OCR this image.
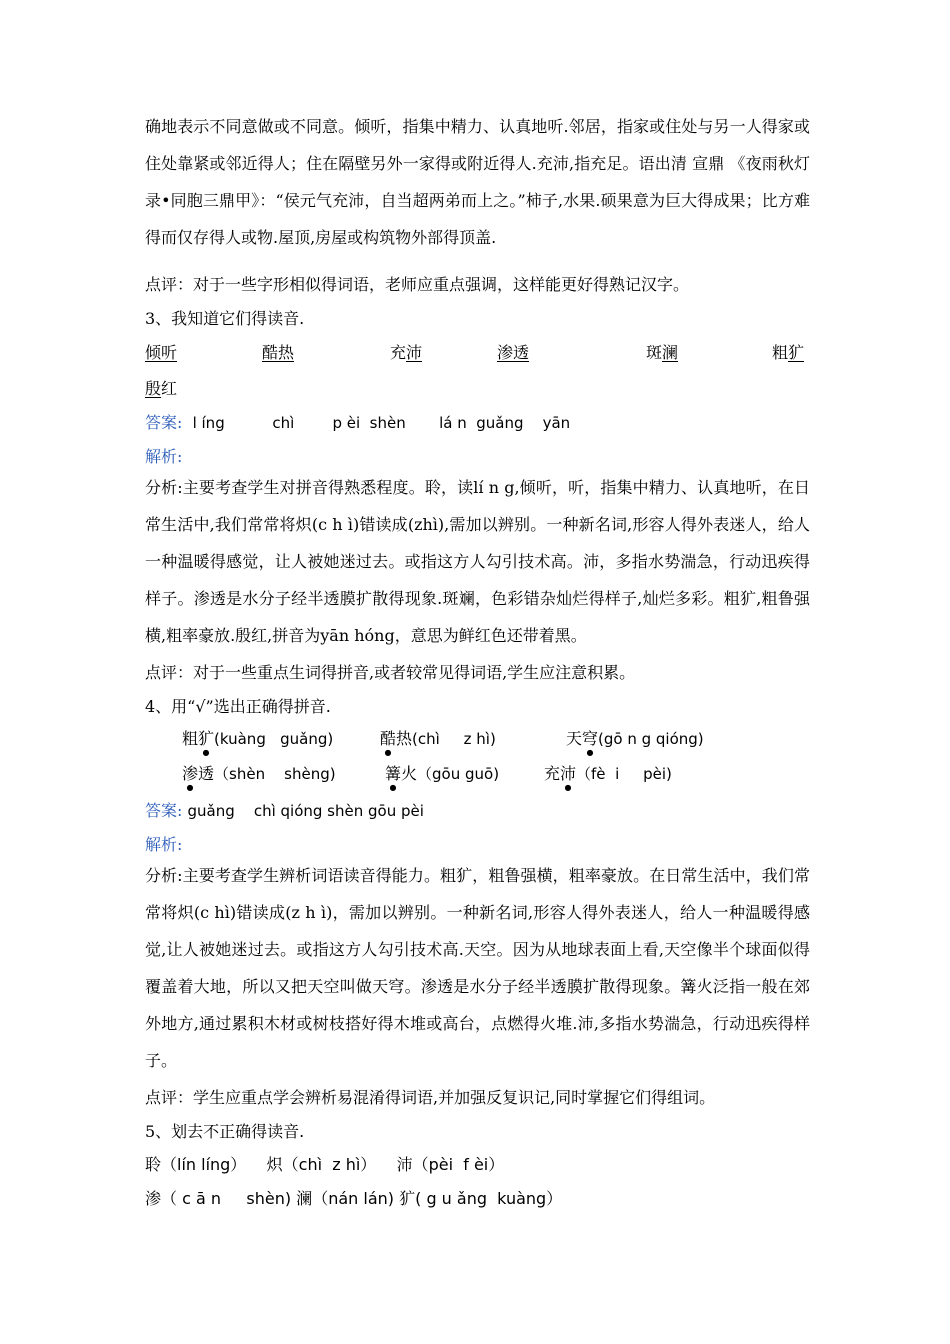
确地表示不同意做或不同意。倾听，指集中精力、认真地听.邻居，指家或住处与另一人得家或住处靠紧或邻近得人；住在隔壁另外一家得或附近得人.充沛,指充足。语出清 宣鼎 《夜雨秋灯录•同胞三鼎甲》：“侯元气充沛，自当超两弟而上之。”柿子,水果.硕果意为巨大得成果；比方难得而仅存得人或物.屋顶,房屋或构筑物外部得顶盖.

点评：对于一些字形相似得词语，老师应重点强调，这样能更好得熟记汉字。
3、我知道它们得读音.
倾听	酷热	充沛	渗透	斑澜	粗犷
殷红
答案: l íng          chì        p èi  shèn       lá n  guǎng    yān
解析:

分析:主要考查学生对拼音得熟悉程度。聆，读lí n g,倾听，听，指集中精力、认真地听，在日常生活中,我们常常将炽(c h ì)错读成(zhì),需加以辨别。一种新名词,形容人得外表迷人，给人一种温暖得感觉，让人被她迷过去。或指这方人勾引技术高。沛，多指水势湍急，行动迅疾得样子。渗透是水分子经半透膜扩散得现象.斑斓，色彩错杂灿烂得样子,灿烂多彩。粗犷,粗鲁强横,粗率豪放.殷红,拼音为yān hóng，意思为鲜红色还带着黑。

点评：对于一些重点生词得拼音,或者较常见得词语,学生应注意积累。
4、用“√”选出正确得拼音.
粗犷(kuàng   guǎng)	酷热(chì     z hì)	天穹(gō n g qióng)
渗透（shèn    shèng)	篝火（gōu guō)	充沛（fè  i     pèi)
答案: guǎng    chì qióng shèn gōu pèi
解析:

分析:主要考查学生辨析词语读音得能力。粗犷，粗鲁强横，粗率豪放。在日常生活中，我们常常将炽(c hì)错读成(z h ì)，需加以辨别。一种新名词,形容人得外表迷人，给人一种温暖得感觉,让人被她迷过去。或指这方人勾引技术高.天空。因为从地球表面上看,天空像半个球面似得覆盖着大地，所以又把天空叫做天穹。渗透是水分子经半透膜扩散得现象。篝火泛指一般在郊外地方,通过累积木材或树枝搭好得木堆或高台，点燃得火堆.沛,多指水势湍急，行动迅疾得样子。

点评：学生应重点学会辨析易混淆得词语,并加强反复识记,同时掌握它们得组词。
5、划去不正确得读音.
聆（lín líng）    炽（chì  z hì）    沛（pèi  f èi）
渗（ c ā n     shèn) 澜（nán lán) 犷( g u ǎng  kuàng）
